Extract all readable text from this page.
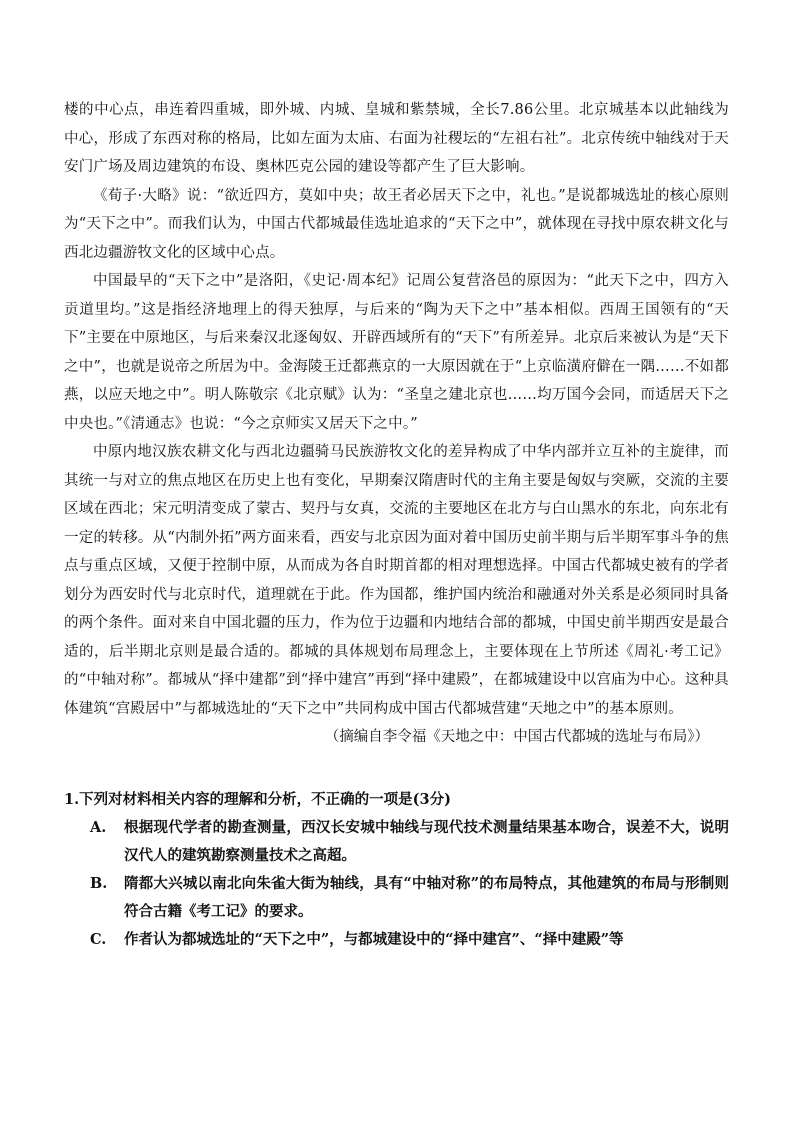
楼的中心点，串连着四重城，即外城、内城、皇城和紫禁城，全长7.86公里。北京城基本以此轴线为中心，形成了东西对称的格局，比如左面为太庙、右面为社稷坛的“左祖右社”。北京传统中轴线对于天安门广场及周边建筑的布设、奥林匹克公园的建设等都产生了巨大影响。

《荀子·大略》说：“欲近四方，莫如中央；故王者必居天下之中，礼也。”是说都城选址的核心原则为“天下之中”。而我们认为，中国古代都城最佳选址追求的“天下之中”，就体现在寻找中原农耕文化与西北边疆游牧文化的区域中心点。

中国最早的“天下之中”是洛阳，《史记·周本纪》记周公复营洛邑的原因为：“此天下之中，四方入贡道里均。”这是指经济地理上的得天独厚，与后来的“陶为天下之中”基本相似。西周王国领有的“天下”主要在中原地区，与后来秦汉北逐匈奴、开辟西域所有的“天下”有所差异。北京后来被认为是“天下之中”，也就是说帝之所居为中。金海陵王迁都燕京的一大原因就在于“上京临潢府僻在一隅……不如都燕，以应天地之中”。明人陈敬宗《北京赋》认为：“圣皇之建北京也……均万国今会同，而适居天下之中央也。”《清通志》也说：“今之京师实又居天下之中。”

中原内地汉族农耕文化与西北边疆骑马民族游牧文化的差异构成了中华内部并立互补的主旋律，而其统一与对立的焦点地区在历史上也有变化，早期秦汉隋唐时代的主角主要是匈奴与突厥，交流的主要区域在西北；宋元明清变成了蒙古、契丹与女真，交流的主要地区在北方与白山黑水的东北，向东北有一定的转移。从“内制外拓”两方面来看，西安与北京因为面对着中国历史前半期与后半期军事斗争的焦点与重点区域，又便于控制中原，从而成为各自时期首都的相对理想选择。中国古代都城史被有的学者划分为西安时代与北京时代，道理就在于此。作为国都，维护国内统治和融通对外关系是必须同时具备的两个条件。面对来自中国北疆的压力，作为位于边疆和内地结合部的都城，中国史前半期西安是最合适的，后半期北京则是最合适的。都城的具体规划布局理念上，主要体现在上节所述《周礼·考工记》的“中轴对称”。都城从“择中建都”到“择中建宫”再到“择中建殿”，在都城建设中以宫庙为中心。这种具体建筑“宫殿居中”与都城选址的“天下之中”共同构成中国古代都城营建“天地之中”的基本原则。

（摘编自李令福《天地之中：中国古代都城的选址与布局》）

1.下列对材料相关内容的理解和分析，不正确的一项是(3分)

A.	根据现代学者的勘查测量，西汉长安城中轴线与现代技术测量结果基本吻合，误差不大，说明汉代人的建筑勘察测量技术之高超。
B.	隋都大兴城以南北向朱雀大街为轴线，具有“中轴对称”的布局特点，其他建筑的布局与形制则符合古籍《考工记》的要求。
C.	作者认为都城选址的“天下之中”，与都城建设中的“择中建宫”、“择中建殿”等
